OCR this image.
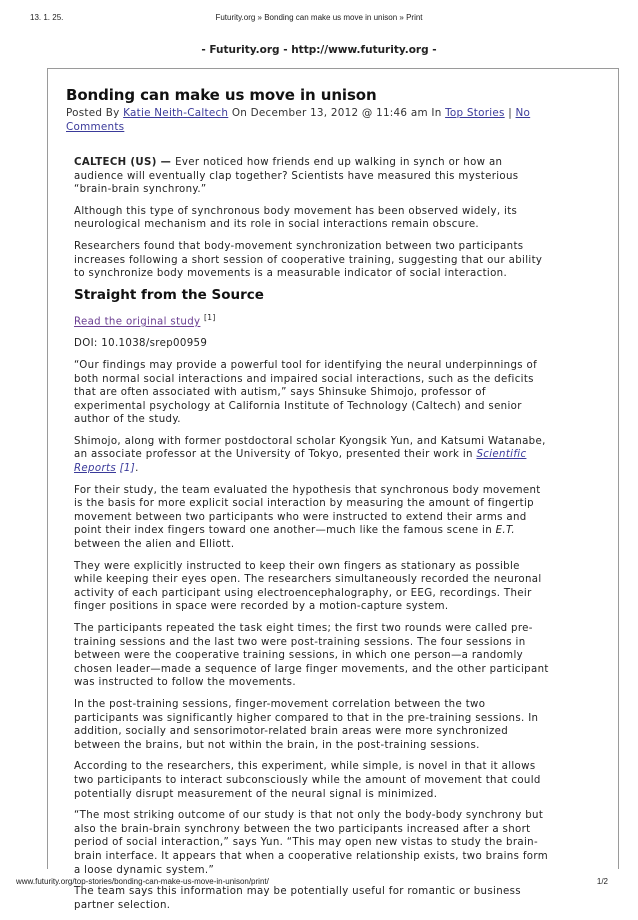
13. 1. 25.	Futurity.org » Bonding can make us move in unison » Print
- Futurity.org - http://www.futurity.org -
Bonding can make us move in unison
Posted By Katie Neith-Caltech On December 13, 2012 @ 11:46 am In Top Stories | No Comments

CALTECH (US) — Ever noticed how friends end up walking in synch or how an audience will eventually clap together? Scientists have measured this mysterious “brain-brain synchrony.”

Although this type of synchronous body movement has been observed widely, its neurological mechanism and its role in social interactions remain obscure.

Researchers found that body-movement synchronization between two participants increases following a short session of cooperative training, suggesting that our ability to synchronize body movements is a measurable indicator of social interaction.

Straight from the Source

Read the original study [1]

DOI: 10.1038/srep00959

“Our findings may provide a powerful tool for identifying the neural underpinnings of both normal social interactions and impaired social interactions, such as the deficits that are often associated with autism,” says Shinsuke Shimojo, professor of experimental psychology at California Institute of Technology (Caltech) and senior author of the study.

Shimojo, along with former postdoctoral scholar Kyongsik Yun, and Katsumi Watanabe, an associate professor at the University of Tokyo, presented their work in Scientific Reports [1].

For their study, the team evaluated the hypothesis that synchronous body movement is the basis for more explicit social interaction by measuring the amount of fingertip movement between two participants who were instructed to extend their arms and point their index fingers toward one another—much like the famous scene in E.T. between the alien and Elliott.

They were explicitly instructed to keep their own fingers as stationary as possible while keeping their eyes open. The researchers simultaneously recorded the neuronal activity of each participant using electroencephalography, or EEG, recordings. Their finger positions in space were recorded by a motion-capture system.

The participants repeated the task eight times; the first two rounds were called pre-training sessions and the last two were post-training sessions. The four sessions in between were the cooperative training sessions, in which one person—a randomly chosen leader—made a sequence of large finger movements, and the other participant was instructed to follow the movements.

In the post-training sessions, finger-movement correlation between the two participants was significantly higher compared to that in the pre-training sessions. In addition, socially and sensorimotor-related brain areas were more synchronized between the brains, but not within the brain, in the post-training sessions.

According to the researchers, this experiment, while simple, is novel in that it allows two participants to interact subconsciously while the amount of movement that could potentially disrupt measurement of the neural signal is minimized.

“The most striking outcome of our study is that not only the body-body synchrony but also the brain-brain synchrony between the two participants increased after a short period of social interaction,” says Yun. “This may open new vistas to study the brain-brain interface. It appears that when a cooperative relationship exists, two brains form a loose dynamic system.”

The team says this information may be potentially useful for romantic or business partner selection.

www.futurity.org/top-stories/bonding-can-make-us-move-in-unison/print/	1/2
